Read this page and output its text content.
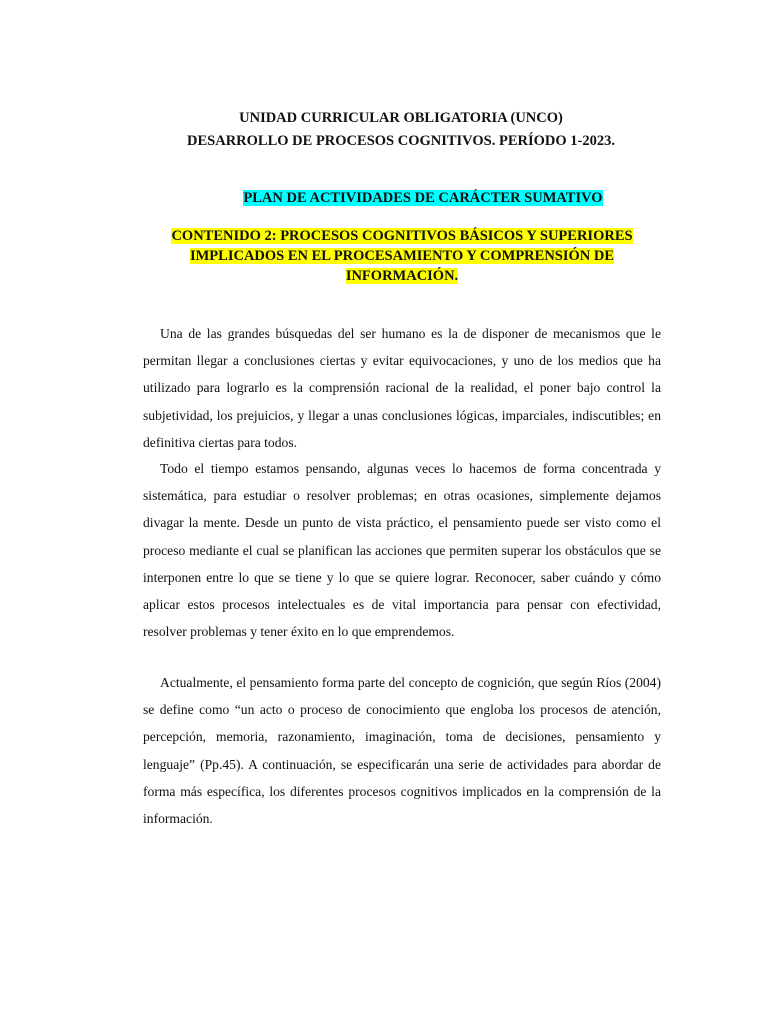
UNIDAD CURRICULAR OBLIGATORIA (UNCO)
DESARROLLO DE PROCESOS COGNITIVOS. PERÍODO 1-2023.
PLAN DE ACTIVIDADES DE CARÁCTER SUMATIVO
CONTENIDO 2: PROCESOS COGNITIVOS BÁSICOS Y SUPERIORES
IMPLICADOS EN EL PROCESAMIENTO Y COMPRENSIÓN DE
INFORMACIÓN.

Una de las grandes búsquedas del ser humano es la de disponer de mecanismos que le permitan llegar a conclusiones ciertas y evitar equivocaciones, y uno de los medios que ha utilizado para lograrlo es la comprensión racional de la realidad, el poner bajo control la subjetividad, los prejuicios, y llegar a unas conclusiones lógicas, imparciales, indiscutibles; en definitiva ciertas para todos.

Todo el tiempo estamos pensando, algunas veces lo hacemos de forma concentrada y sistemática, para estudiar o resolver problemas; en otras ocasiones, simplemente dejamos divagar la mente. Desde un punto de vista práctico, el pensamiento puede ser visto como el proceso mediante el cual se planifican las acciones que permiten superar los obstáculos que se interponen entre lo que se tiene y lo que se quiere lograr. Reconocer, saber cuándo y cómo aplicar estos procesos intelectuales es de vital importancia para pensar con efectividad, resolver problemas y tener éxito en lo que emprendemos.

Actualmente, el pensamiento forma parte del concepto de cognición, que según Ríos (2004) se define como “un acto o proceso de conocimiento que engloba los procesos de atención, percepción, memoria, razonamiento, imaginación, toma de decisiones, pensamiento y lenguaje” (Pp.45). A continuación, se especificarán una serie de actividades para abordar de forma más específica, los diferentes procesos cognitivos implicados en la comprensión de la información.
